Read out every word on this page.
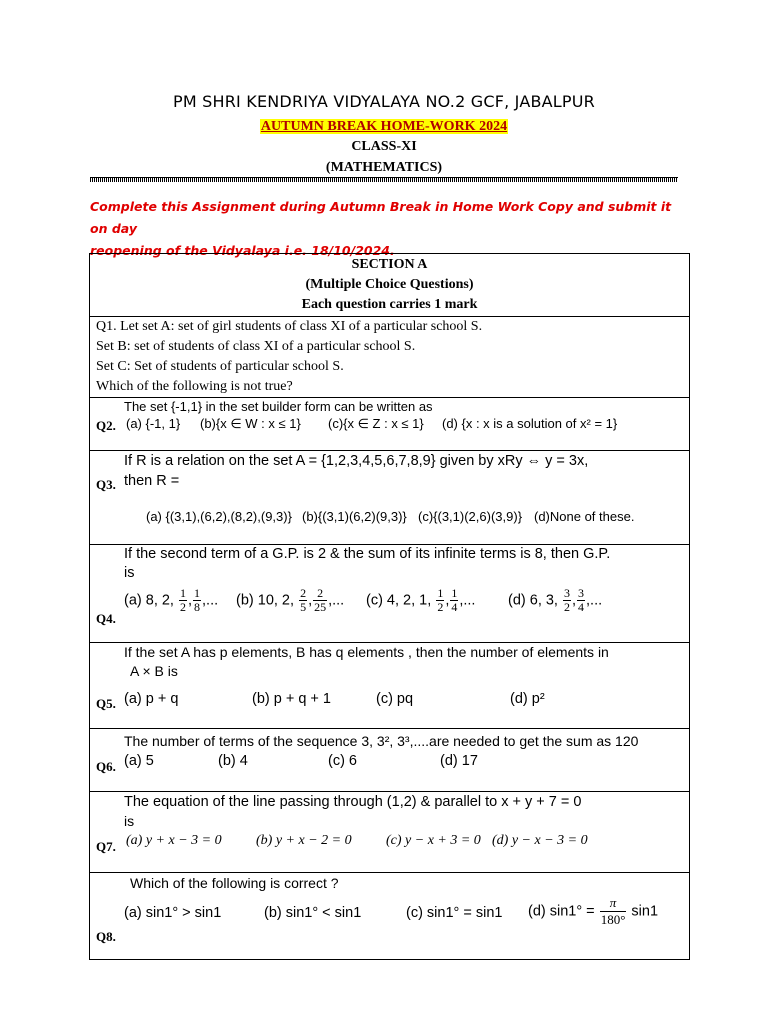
PM SHRI KENDRIYA VIDYALAYA NO.2 GCF, JABALPUR
AUTUMN BREAK HOME-WORK 2024
CLASS-XI
(MATHEMATICS)
Complete this Assignment during Autumn Break in Home Work Copy and submit it on day
reopening of the Vidyalaya i.e. 18/10/2024.
SECTION A
(Multiple Choice Questions)
Each question carries 1 mark

Q1. Let set A: set of girl students of class XI of a particular school S.
Set B: set of students of class XI of a particular school S.
Set C: Set of students of particular school S.
Which of the following is not true?

Q2.
The set {-1,1} in the set builder form can be written as
(a) {-1, 1} (b){x ∈ W : x ≤ 1} (c){x ∈ Z : x ≤ 1} (d) {x : x is a solution of x² = 1}

If R is a relation on the set A = {1,2,3,4,5,6,7,8,9} given by xRy ⇔ y = 3x,
then R =
Q3.
(a) {(3,1),(6,2),(8,2),(9,3)} (b){(3,1)(6,2)(9,3)} (c){(3,1)(2,6)(3,9)} (d)None of these.

If the second term of a G.P. is 2 & the sum of its infinite terms is 8, then G.P.
is
Q4.
(a) 8, 2, $\frac{1}{2}$ , $\frac{1}{8}$ ,... (b) 10, 2, $\frac{2}{5}$ , $\frac{2}{25}$ ,... (c) 4, 2, 1, $\frac{1}{2}$ , $\frac{1}{4}$ ,... (d) 6, 3, $\frac{3}{2}$ , $\frac{3}{4}$ ,...

If the set A has p elements, B has q elements , then the number of elements in
A × B is
Q5. (a) p + q	(b) p + q + 1	(c) pq	(d) p²

The number of terms of the sequence 3, 3², 3³,....are needed to get the sum as 120
Q6. (a) 5	(b) 4	(c) 6	(d) 17

The equation of the line passing through (1,2) & parallel to x + y + 7 = 0
is
Q7. (a) y + x − 3 = 0 (b) y + x − 2 = 0 (c) y − x + 3 = 0 (d) y − x − 3 = 0

Which of the following is correct ?
Q8.
(a) sin1° > sin1	(b) sin1° < sin1	(c) sin1° = sin1 (d) $\sin 1^\circ = \frac{\pi}{180^\circ} \sin 1$
